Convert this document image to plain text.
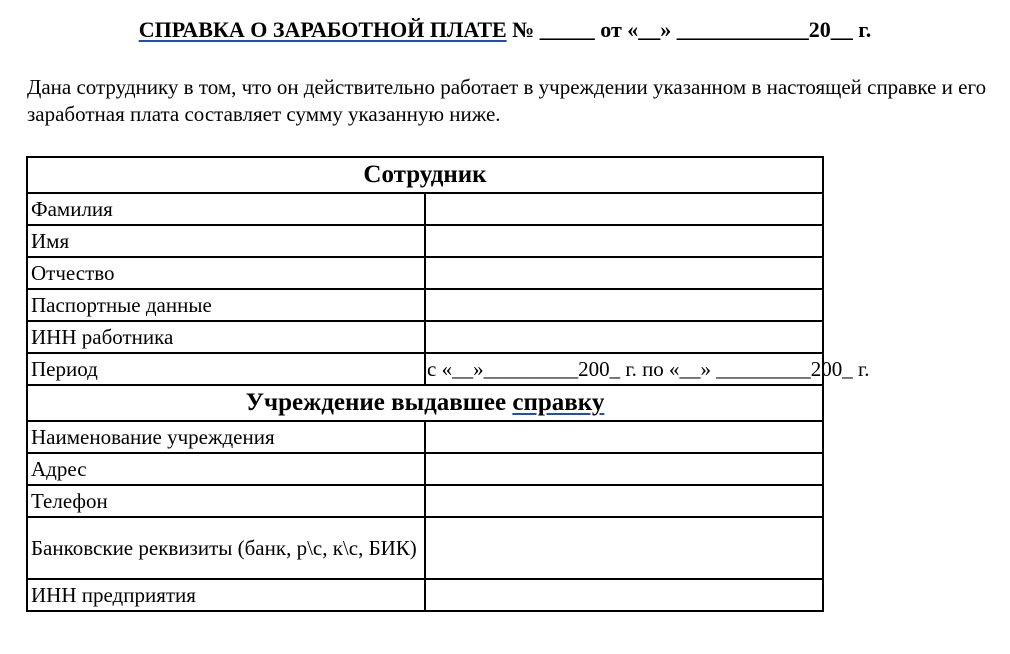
СПРАВКА О ЗАРАБОТНОЙ ПЛАТЕ № _____ от «__» ____________20__ г.
Дана сотруднику в том, что он действительно работает в учреждении указанном в настоящей справке и его заработная плата составляет сумму указанную ниже.
Сотрудник	
Фамилия	
Имя	
Отчество	
Паспортные данные	
ИНН работника	
Период	с «__»_________200_ г. по «__» _________200_ г.
Учреждение выдавшее справку	
Наименование учреждения	
Адрес	
Телефон	
Банковские реквизиты (банк, р\с, к\с, БИК)	
ИНН предприятия	
